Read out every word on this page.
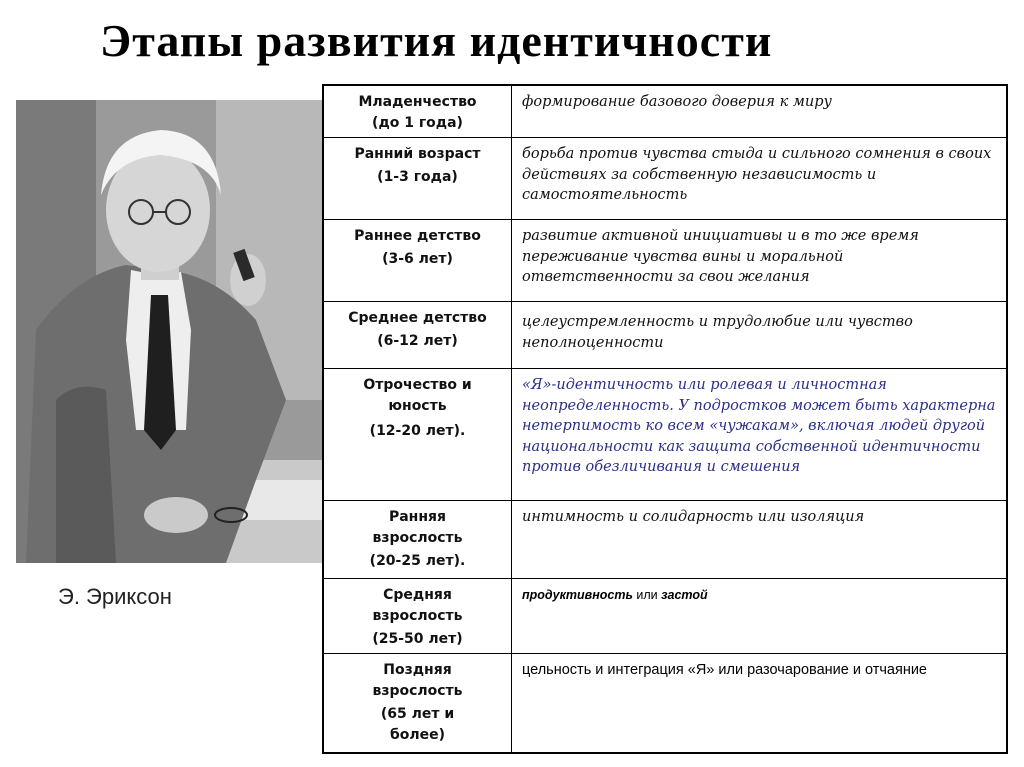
Этапы развития идентичности
Э. Эриксон
Младенчество
(до 1 года)
формирование базового доверия к миру
Ранний возраст
(1-3 года)
борьба против чувства стыда и сильного сомнения в своих действиях за собственную независимость и самостоятельность
Раннее детство
(3-6 лет)
развитие активной инициативы и в то же время переживание чувства вины и моральной ответственности за свои желания
Среднее детство
(6-12 лет)
целеустремленность и трудолюбие или чувство неполноценности
Отрочество и юность
(12-20 лет).
«Я»-идентичность или ролевая и личностная неопределенность. У подростков может быть характерна нетерпимость ко всем «чужакам», включая людей другой национальности как защита собственной идентичности против обезличивания и смешения
Ранняя взрослость
(20-25 лет).
интимность и солидарность или изоляция
Средняя взрослость
(25-50 лет)
продуктивность или застой
Поздняя взрослость
(65 лет и более)
цельность и интеграция «Я» или разочарование и отчаяние
